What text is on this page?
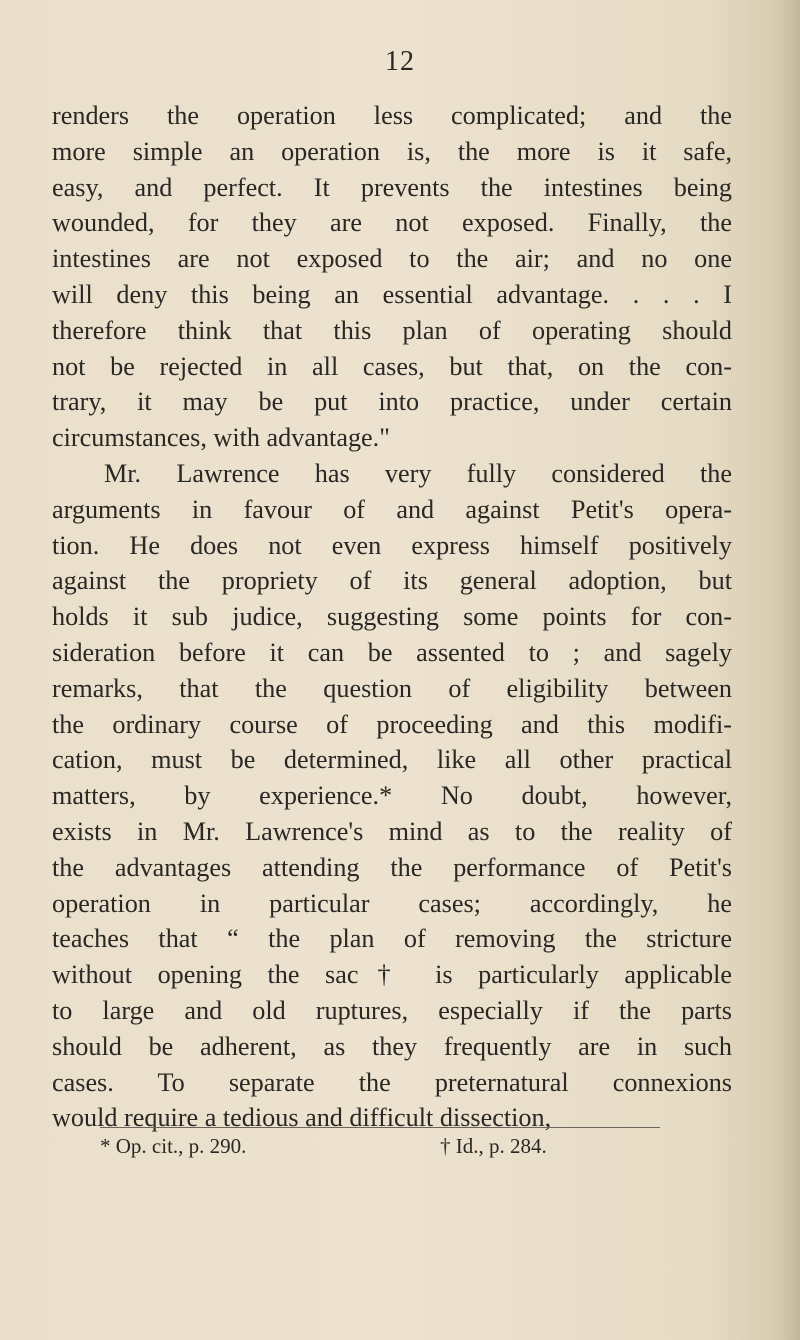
12
renders the operation less complicated; and the
more simple an operation is, the more is it safe,
easy, and perfect. It prevents the intestines being
wounded, for they are not exposed. Finally, the
intestines are not exposed to the air; and no one
will deny this being an essential advantage. . . . I
therefore think that this plan of operating should
not be rejected in all cases, but that, on the con-
trary, it may be put into practice, under certain
circumstances, with advantage."
Mr. Lawrence has very fully considered the
arguments in favour of and against Petit's opera-
tion. He does not even express himself positively
against the propriety of its general adoption, but
holds it sub judice, suggesting some points for con-
sideration before it can be assented to ; and sagely
remarks, that the question of eligibility between
the ordinary course of proceeding and this modifi-
cation, must be determined, like all other practical
matters, by experience.* No doubt, however,
exists in Mr. Lawrence's mind as to the reality of
the advantages attending the performance of Petit's
operation in particular cases; accordingly, he
teaches that “ the plan of removing the stricture
without opening the sac† is particularly applicable
to large and old ruptures, especially if the parts
should be adherent, as they frequently are in such
cases. To separate the preternatural connexions
would require a tedious and difficult dissection,
* Op. cit., p. 290.	† Id., p. 284.
